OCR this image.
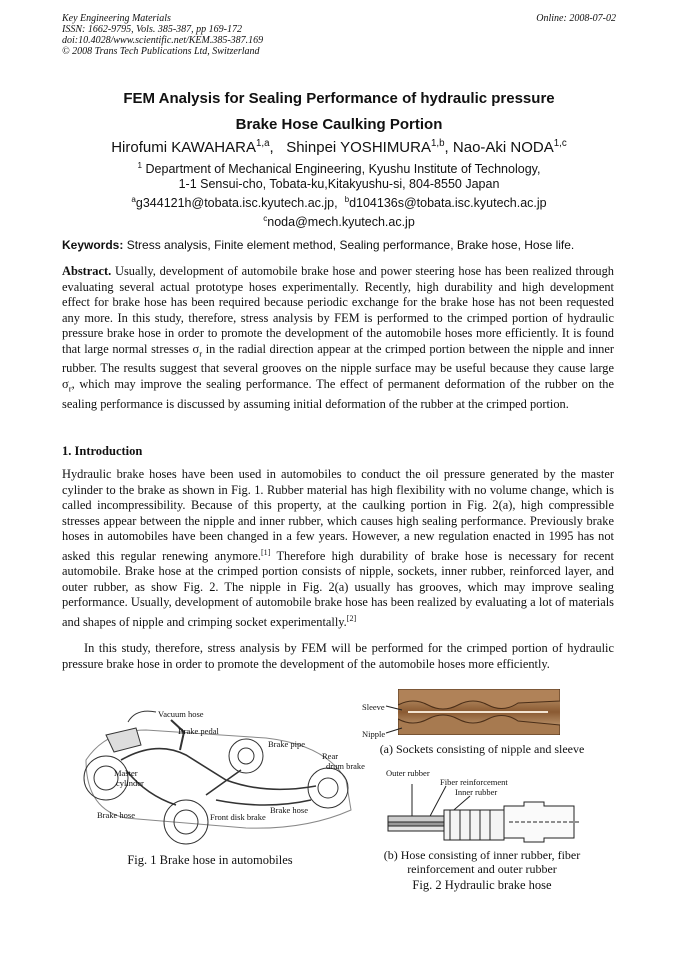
Key Engineering Materials
ISSN: 1662-9795, Vols. 385-387, pp 169-172
doi:10.4028/www.scientific.net/KEM.385-387.169
© 2008 Trans Tech Publications Ltd, Switzerland
Online: 2008-07-02
FEM Analysis for Sealing Performance of hydraulic pressure
Brake Hose Caulking Portion
Hirofumi KAWAHARA$^{1,a}$,   Shinpei YOSHIMURA$^{1,b}$, Nao-Aki NODA$^{1,c}$
$^1$ Department of Mechanical Engineering, Kyushu Institute of Technology,
1-1 Sensui-cho, Tobata-ku,Kitakyushu-si, 804-8550 Japan
$^a$g344121h@tobata.isc.kyutech.ac.jp, $^b$d104136s@tobata.isc.kyutech.ac.jp
$^c$noda@mech.kyutech.ac.jp
Keywords: Stress analysis, Finite element method, Sealing performance, Brake hose, Hose life.
Abstract. Usually, development of automobile brake hose and power steering hose has been realized through evaluating several actual prototype hoses experimentally. Recently, high durability and high development effect for brake hose has been required because periodic exchange for the brake hose has not been requested any more. In this study, therefore, stress analysis by FEM is performed to the crimped portion of hydraulic pressure brake hose in order to promote the development of the automobile hoses more efficiently. It is found that large normal stresses $\sigma_r$ in the radial direction appear at the crimped portion between the nipple and inner rubber. The results suggest that several grooves on the nipple surface may be useful because they cause large $\sigma_r$, which may improve the sealing performance. The effect of permanent deformation of the rubber on the sealing performance is discussed by assuming initial deformation of the rubber at the crimped portion.
1. Introduction
Hydraulic brake hoses have been used in automobiles to conduct the oil pressure generated by the master cylinder to the brake as shown in Fig. 1. Rubber material has high flexibility with no volume change, which is called incompressibility. Because of this property, at the caulking portion in Fig. 2(a), high compressible stresses appear between the nipple and inner rubber, which causes high sealing performance. Previously brake hoses in automobiles have been changed in a few years. However, a new regulation enacted in 1995 has not asked this regular renewing anymore.[1] Therefore high durability of brake hose is necessary for recent automobile. Brake hose at the crimped portion consists of nipple, sockets, inner rubber, reinforced layer, and outer rubber, as show Fig. 2. The nipple in Fig. 2(a) usually has grooves, which may improve sealing performance. Usually, development of automobile brake hose has been realized by evaluating a lot of materials and shapes of nipple and crimping socket experimentally.[2]
In this study, therefore, stress analysis by FEM will be performed for the crimped portion of hydraulic pressure brake hose in order to promote the development of the automobile hoses more efficiently.
Vacuum hose
Brake pedal
Brake pipe
Rear
drum brake
Master
cylinder
Brake hose	Front disk brake
Brake hose
Fig. 1 Brake hose in automobiles
Sleeve
Nipple
(a) Sockets consisting of nipple and sleeve
Outer rubber
Fiber reinforcement
Inner rubber
(b) Hose consisting of inner rubber, fiber
reinforcement and outer rubber
Fig. 2 Hydraulic brake hose
